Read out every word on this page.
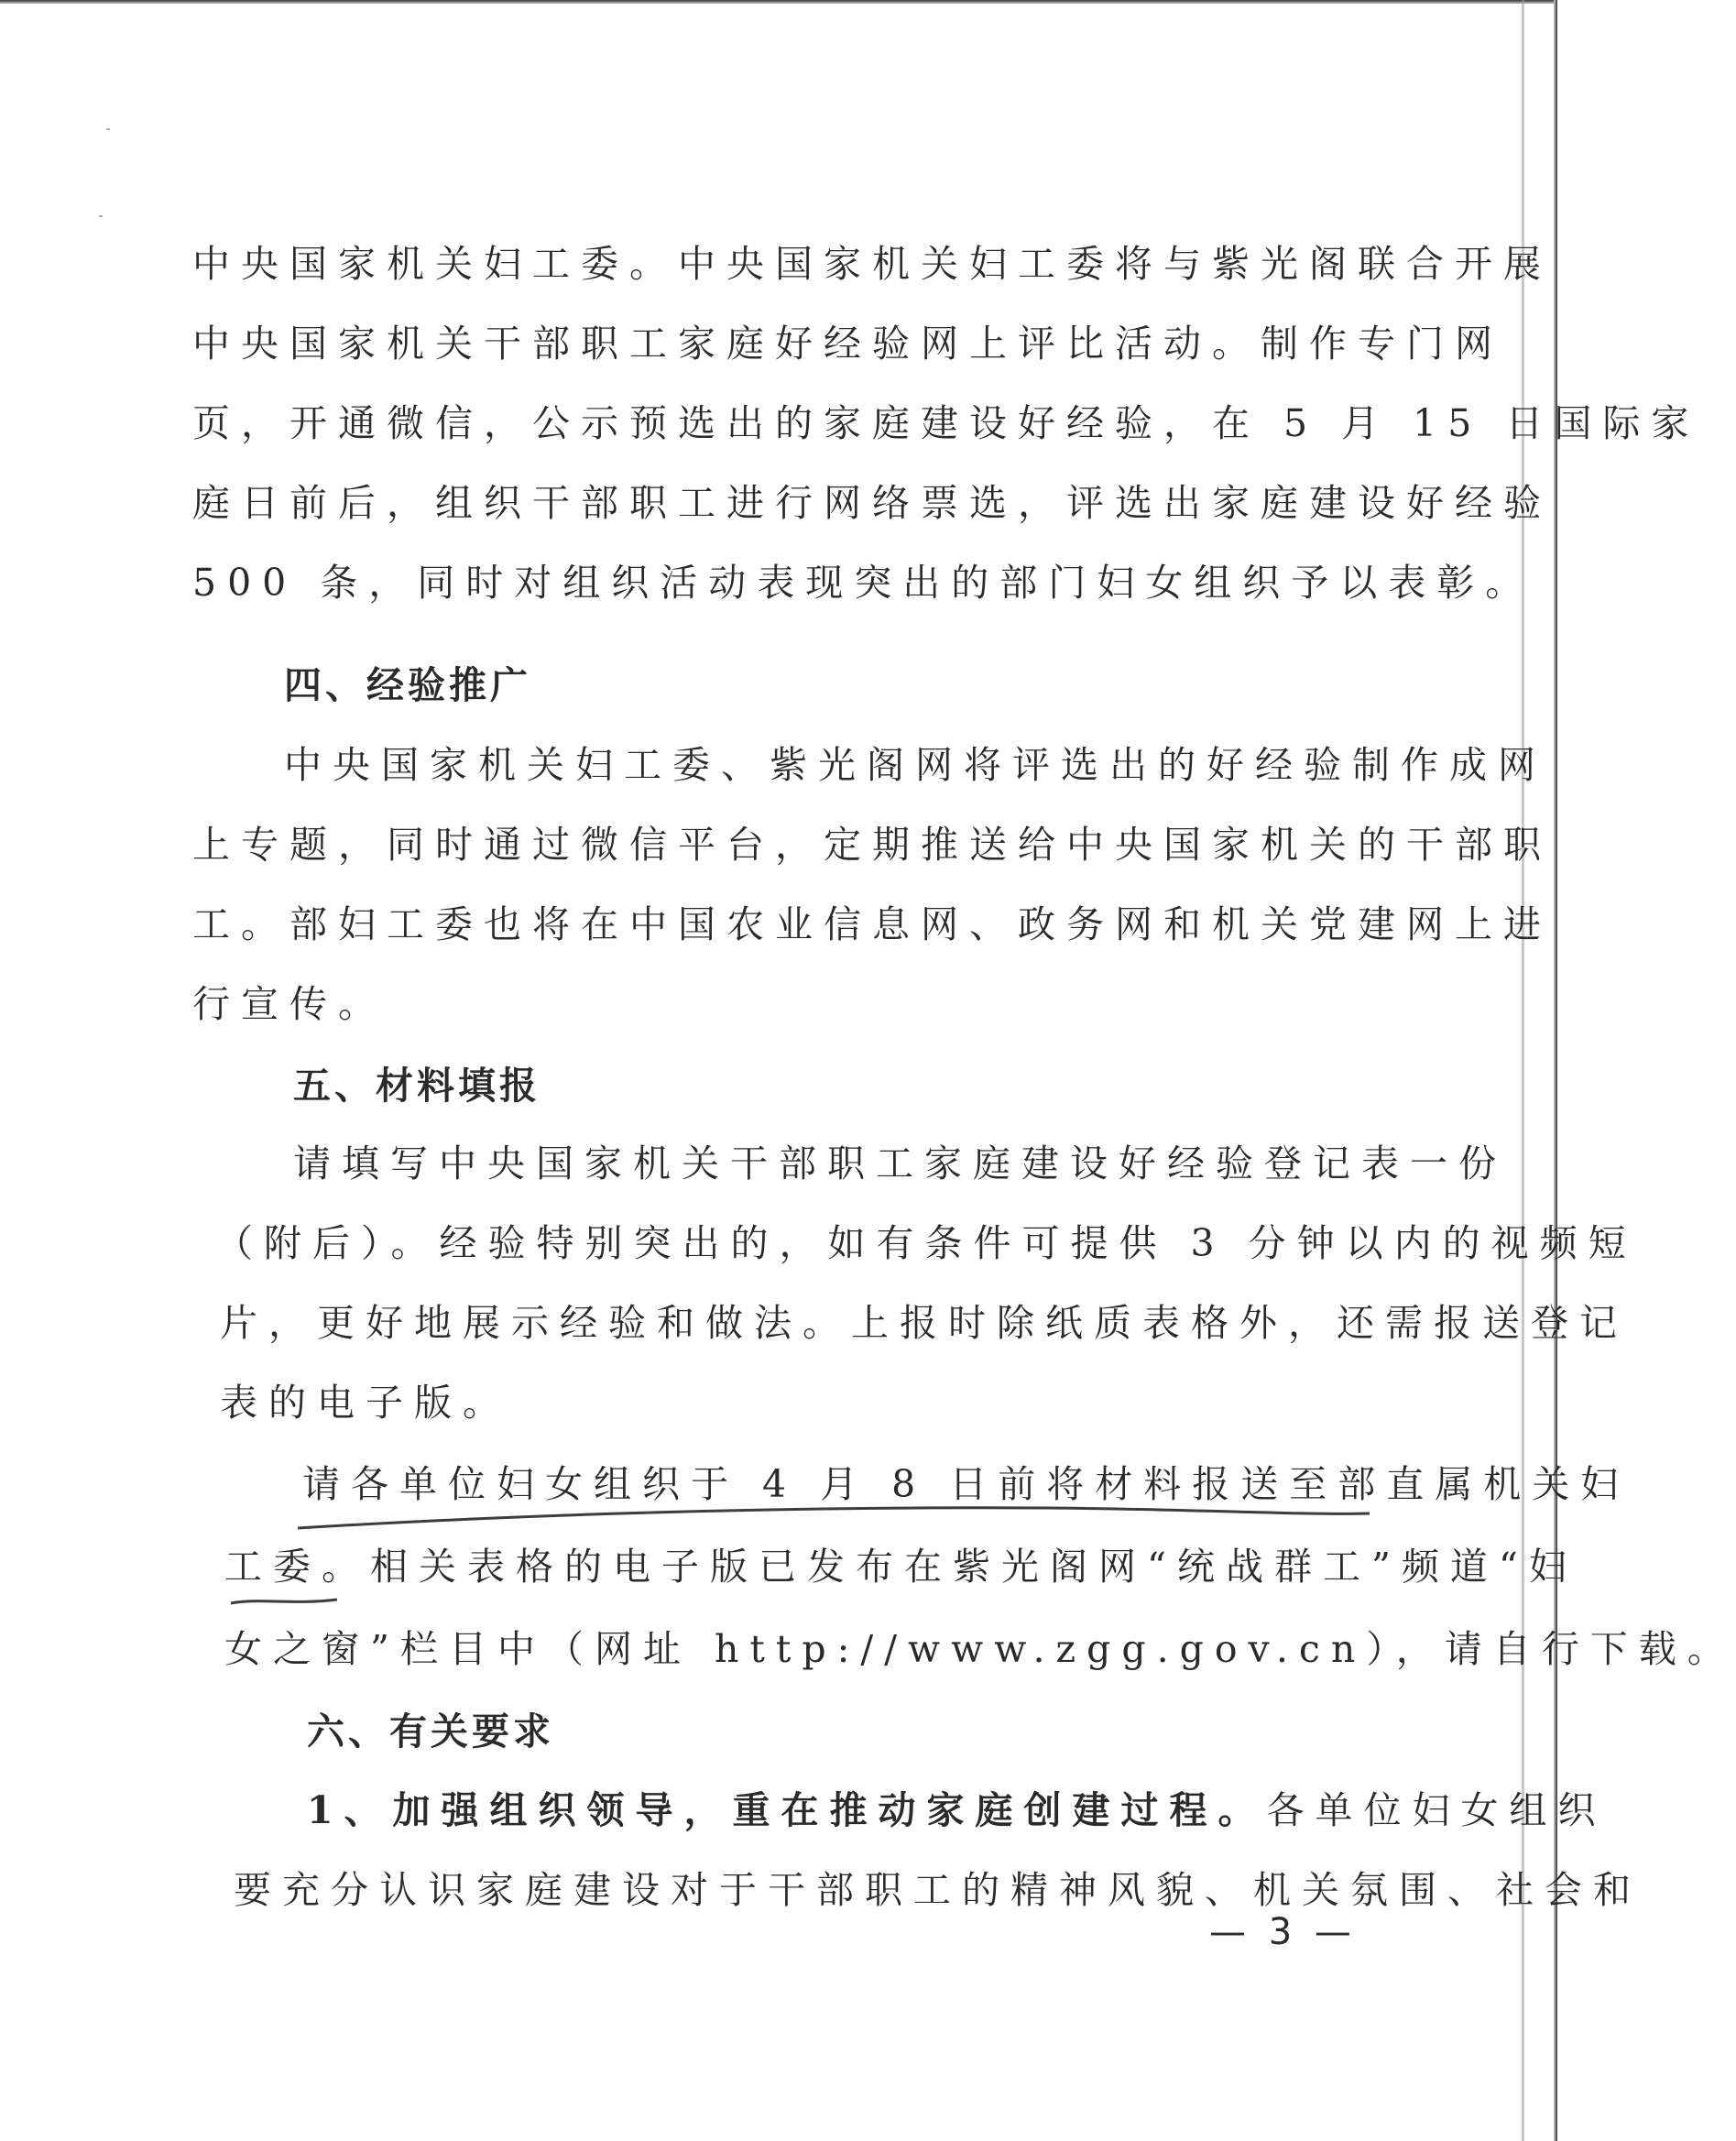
中央国家机关妇工委。中央国家机关妇工委将与紫光阁联合开展
中央国家机关干部职工家庭好经验网上评比活动。制作专门网
页，开通微信，公示预选出的家庭建设好经验，在 5 月 15 日国际家
庭日前后，组织干部职工进行网络票选，评选出家庭建设好经验
500 条，同时对组织活动表现突出的部门妇女组织予以表彰。
四、经验推广
中央国家机关妇工委、紫光阁网将评选出的好经验制作成网
上专题，同时通过微信平台，定期推送给中央国家机关的干部职
工。部妇工委也将在中国农业信息网、政务网和机关党建网上进
行宣传。
五、材料填报
请填写中央国家机关干部职工家庭建设好经验登记表一份
（附后）。经验特别突出的，如有条件可提供 3 分钟以内的视频短
片，更好地展示经验和做法。上报时除纸质表格外，还需报送登记
表的电子版。
请各单位妇女组织于 4 月 8 日前将材料报送至部直属机关妇
工委。相关表格的电子版已发布在紫光阁网“统战群工”频道“妇
女之窗”栏目中（网址 http://www.zgg.gov.cn），请自行下载。
六、有关要求
1、加强组织领导，重在推动家庭创建过程。各单位妇女组织
要充分认识家庭建设对于干部职工的精神风貌、机关氛围、社会和
— 3 —
